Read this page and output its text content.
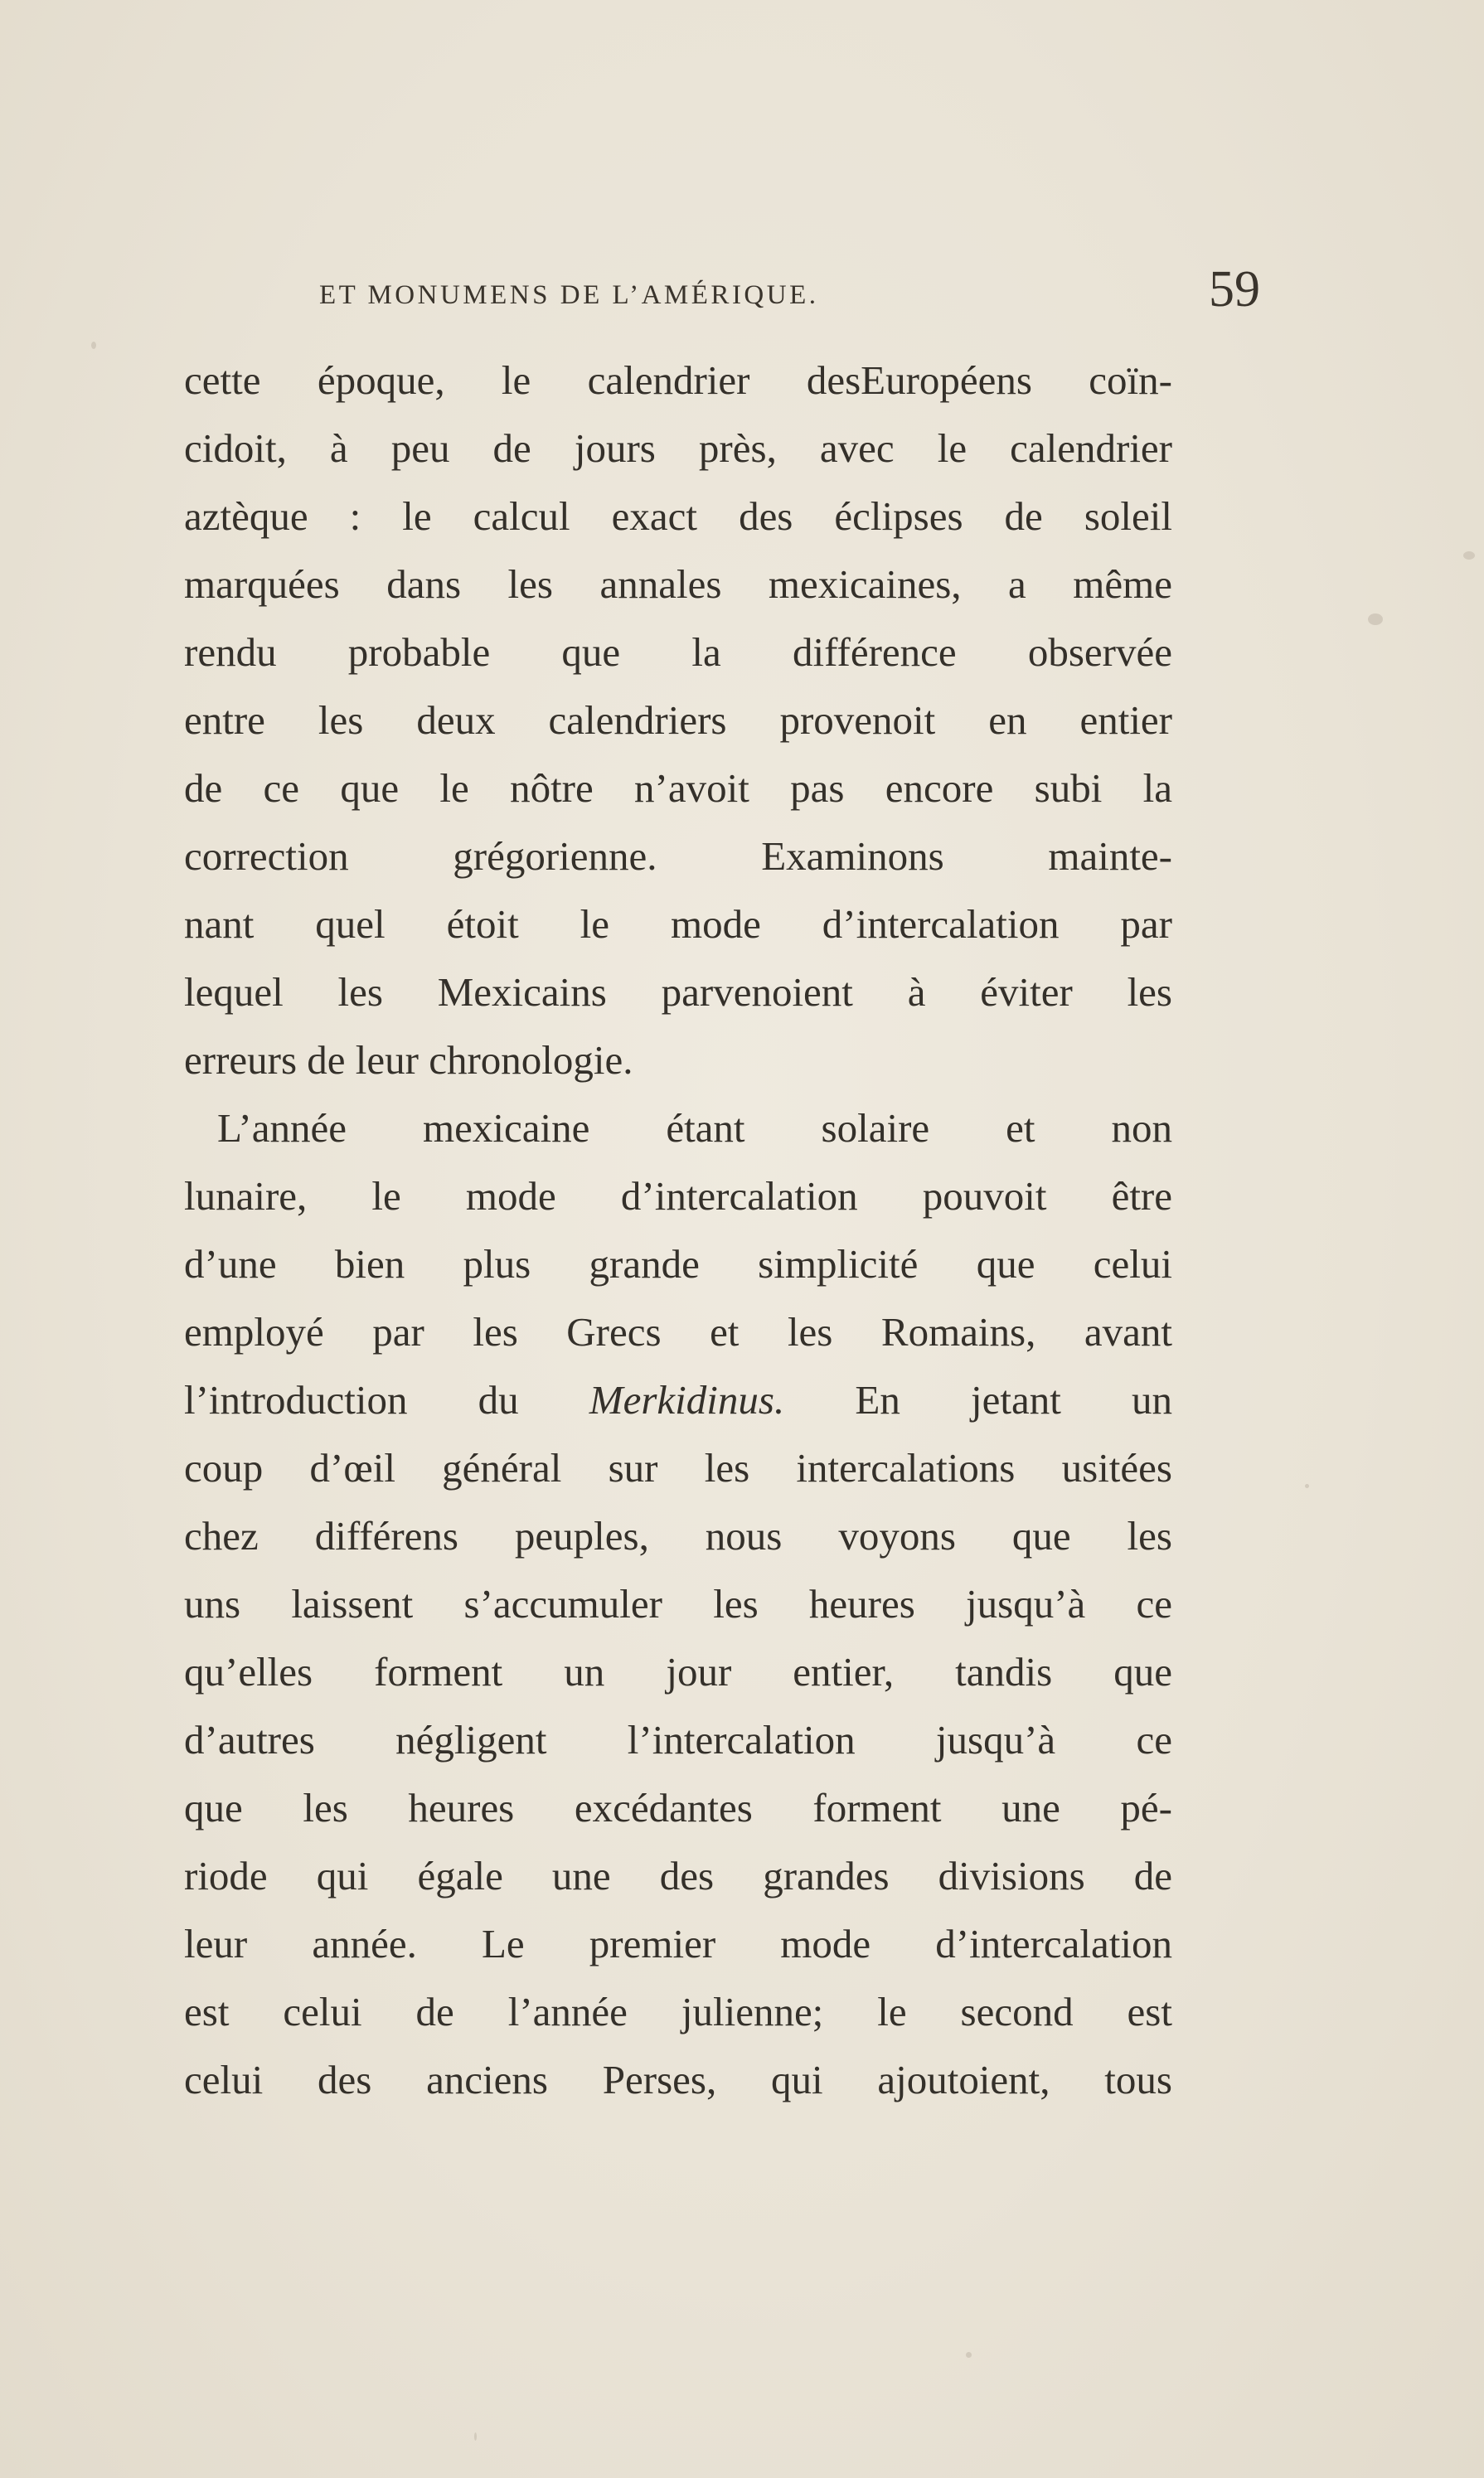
ET MONUMENS DE L’AMÉRIQUE.	59
cette époque, le calendrier desEuropéens coïn-
cidoit, à peu de jours près, avec le calendrier
aztèque : le calcul exact des éclipses de soleil
marquées dans les annales mexicaines, a même
rendu probable que la différence observée
entre les deux calendriers provenoit en entier
de ce que le nôtre n’avoit pas encore subi la
correction grégorienne. Examinons mainte-
nant quel étoit le mode d’intercalation par
lequel les Mexicains parvenoient à éviter les
erreurs de leur chronologie.
L’année mexicaine étant solaire et non
lunaire, le mode d’intercalation pouvoit être
d’une bien plus grande simplicité que celui
employé par les Grecs et les Romains, avant
l’introduction du Merkidinus. En jetant un
coup d’œil général sur les intercalations usitées
chez différens peuples, nous voyons que les
uns laissent s’accumuler les heures jusqu’à ce
qu’elles forment un jour entier, tandis que
d’autres négligent l’intercalation jusqu’à ce
que les heures excédantes forment une pé-
riode qui égale une des grandes divisions de
leur année. Le premier mode d’intercalation
est celui de l’année julienne; le second est
celui des anciens Perses, qui ajoutoient, tous
